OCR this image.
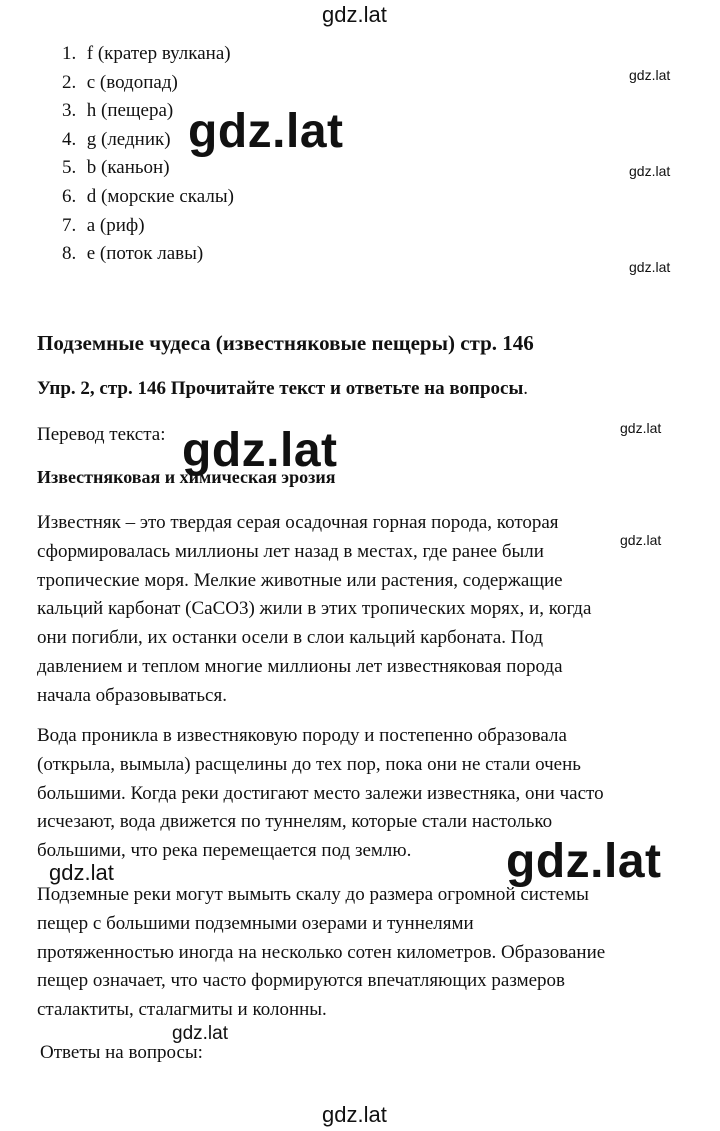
gdz.lat
1. f (кратер вулкана)
2. c (водопад)
3. h (пещера)
4. g (ледник)
5. b (каньон)
6. d (морские скалы)
7. a (риф)
8. e (поток лавы)
gdz.lat
gdz.lat
gdz.lat
gdz.lat
Подземные чудеса (известняковые пещеры) стр. 146
Упр. 2, стр. 146 Прочитайте текст и ответьте на вопросы.
Перевод текста:	gdz.lat
Известняковая и химическая эрозия
gdz.lat
Известняк – это твердая серая осадочная горная порода, которая
сформировалась миллионы лет назад в местах, где ранее были
тропические моря. Мелкие животные или растения, содержащие
кальций карбонат (CaCO3) жили в этих тропических морях, и, когда
они погибли, их останки осели в слои кальций карбоната. Под
давлением и теплом многие миллионы лет известняковая порода
начала образовываться.
gdz.lat
Вода проникла в известняковую породу и постепенно образовала
(открыла, вымыла) расщелины до тех пор, пока они не стали очень
большими. Когда реки достигают место залежи известняка, они часто
исчезают, вода движется по туннелям, которые стали настолько
большими, что река перемещается под землю.
gdz.lat	gdz.lat
Подземные реки могут вымыть скалу до размера огромной системы
пещер с большими подземными озерами и туннелями
протяженностью иногда на несколько сотен километров. Образование
пещер означает, что часто формируются впечатляющих размеров
сталактиты, сталагмиты и колонны.
gdz.lat
Ответы на вопросы:
gdz.lat
